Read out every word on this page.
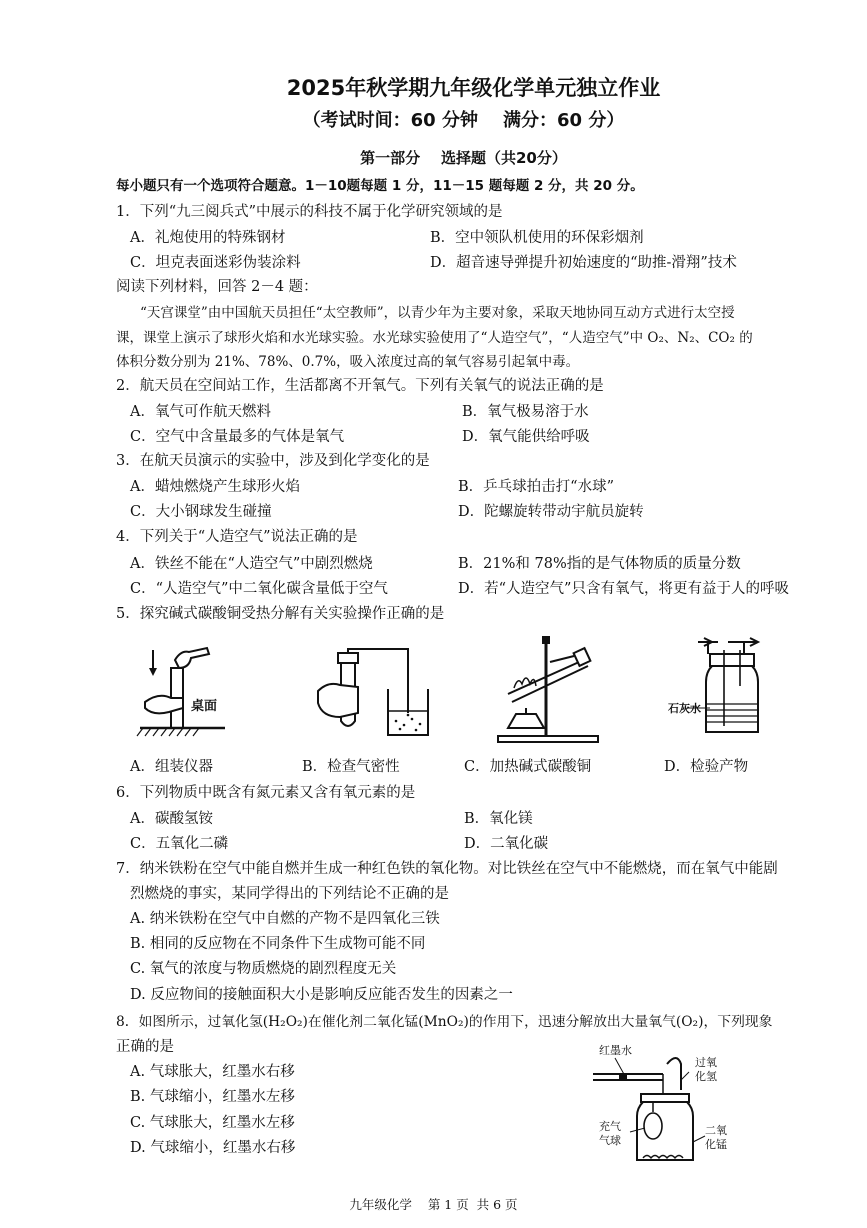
2025年秋学期九年级化学单元独立作业
（考试时间：60 分钟    满分：60 分）
第一部分    选择题（共20分）
每小题只有一个选项符合题意。1－10题每题 1 分，11－15 题每题 2 分，共 20 分。
1．下列“九三阅兵式”中展示的科技不属于化学研究领域的是
A．礼炮使用的特殊钢材	B．空中领队机使用的环保彩烟剂
C．坦克表面迷彩伪装涂料	D．超音速导弹提升初始速度的“助推-滑翔”技术
阅读下列材料，回答 2－4 题：
“天宫课堂”由中国航天员担任“太空教师”，以青少年为主要对象，采取天地协同互动方式进行太空授
课，课堂上演示了球形火焰和水光球实验。水光球实验使用了“人造空气”，“人造空气”中 O₂、N₂、CO₂ 的
体积分数分别为 21%、78%、0.7%，吸入浓度过高的氧气容易引起氧中毒。
2．航天员在空间站工作，生活都离不开氧气。下列有关氧气的说法正确的是
A．氧气可作航天燃料	B．氧气极易溶于水
C．空气中含量最多的气体是氧气	D．氧气能供给呼吸
3．在航天员演示的实验中，涉及到化学变化的是
A．蜡烛燃烧产生球形火焰	B．乒乓球拍击打“水球”
C．大小钢球发生碰撞	D．陀螺旋转带动宇航员旋转
4．下列关于“人造空气”说法正确的是
A．铁丝不能在“人造空气”中剧烈燃烧	B．21%和 78%指的是气体物质的质量分数
C．“人造空气”中二氧化碳含量低于空气	D．若“人造空气”只含有氧气，将更有益于人的呼吸
5．探究碱式碳酸铜受热分解有关实验操作正确的是
桌面	石灰水
A．组装仪器	B．检查气密性	C．加热碱式碳酸铜	D．检验产物
6．下列物质中既含有氮元素又含有氧元素的是
A．碳酸氢铵	B．氧化镁
C．五氧化二磷	D．二氧化碳
7．纳米铁粉在空气中能自燃并生成一种红色铁的氧化物。对比铁丝在空气中不能燃烧，而在氧气中能剧
烈燃烧的事实，某同学得出的下列结论不正确的是
A. 纳米铁粉在空气中自燃的产物不是四氧化三铁
B. 相同的反应物在不同条件下生成物可能不同
C. 氧气的浓度与物质燃烧的剧烈程度无关
D. 反应物间的接触面积大小是影响反应能否发生的因素之一
8．如图所示，过氧化氢(H₂O₂)在催化剂二氧化锰(MnO₂)的作用下，迅速分解放出大量氧气(O₂)，下列现象
正确的是
A. 气球胀大，红墨水右移
B. 气球缩小，红墨水左移
C. 气球胀大，红墨水左移
D. 气球缩小，红墨水右移
红墨水
过氧
化氢
充气
气球
二氧
化锰
九年级化学    第 1 页  共 6 页
